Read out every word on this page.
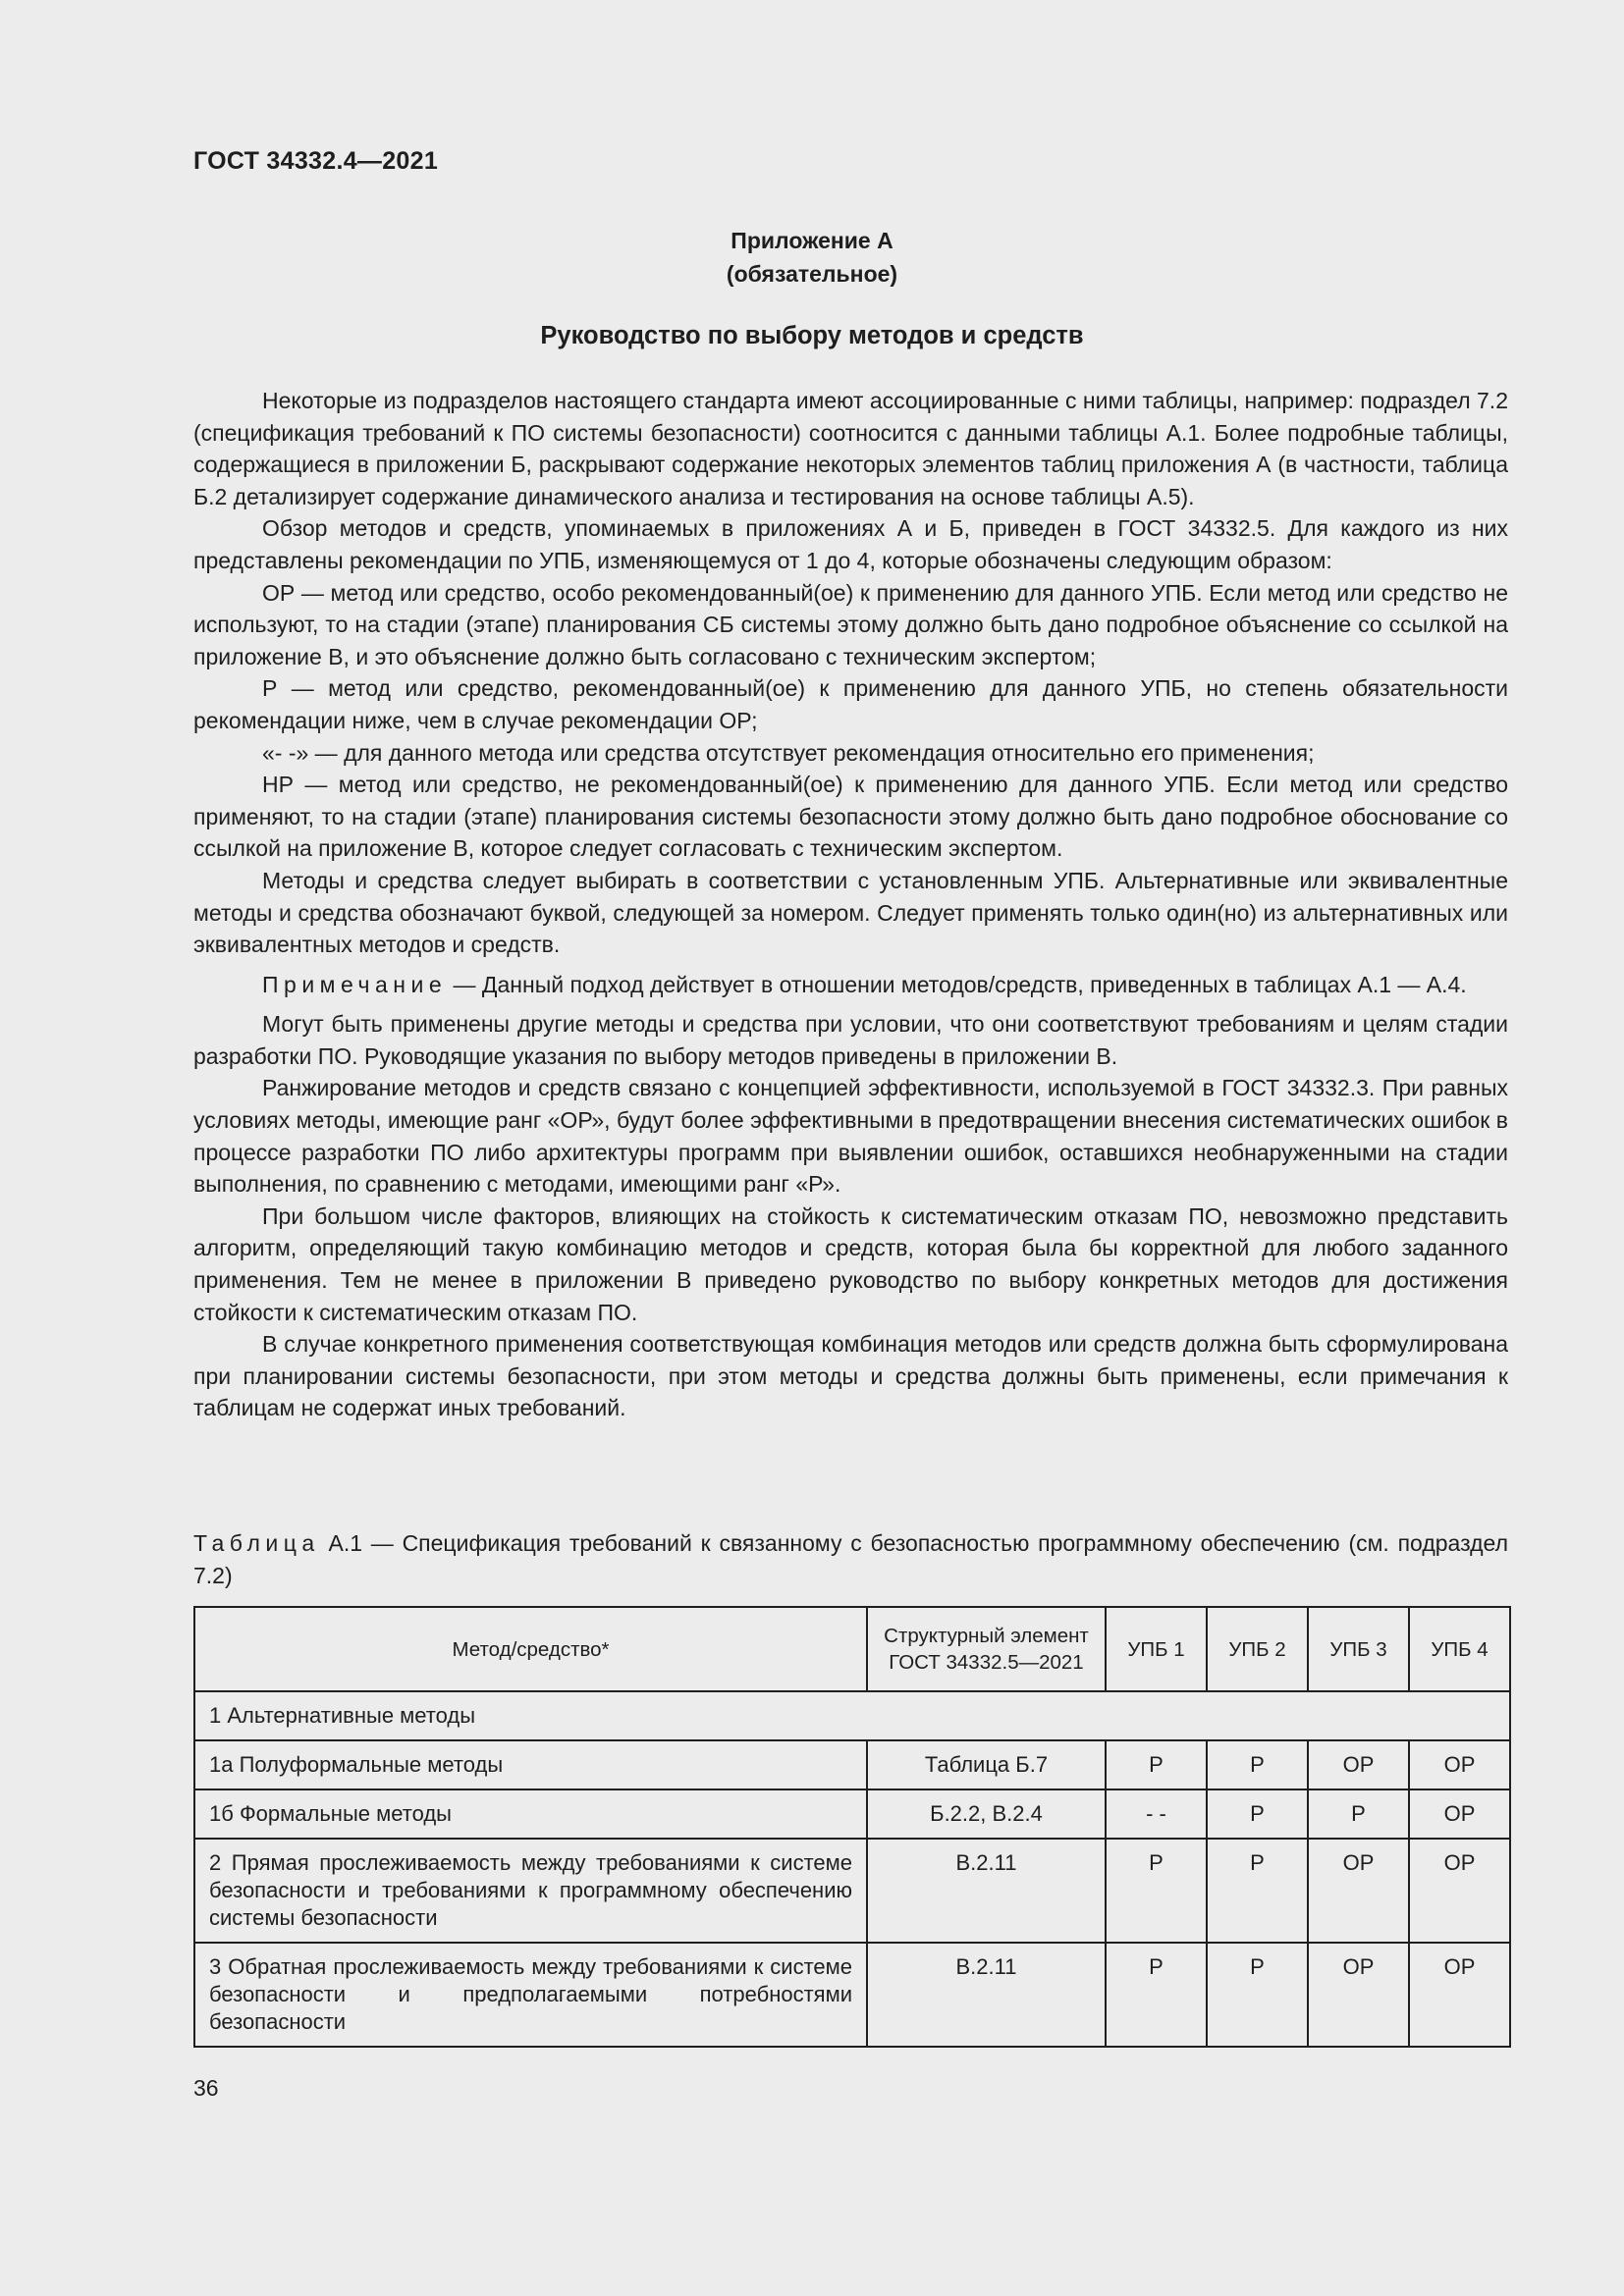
ГОСТ 34332.4—2021
Приложение А
(обязательное)
Руководство по выбору методов и средств

Некоторые из подразделов настоящего стандарта имеют ассоциированные с ними таблицы, например: подраздел 7.2 (спецификация требований к ПО системы безопасности) соотносится с данными таблицы А.1. Более подробные таблицы, содержащиеся в приложении Б, раскрывают содержание некоторых элементов таблиц приложения А (в частности, таблица Б.2 детализирует содержание динамического анализа и тестирования на основе таблицы А.5).

Обзор методов и средств, упоминаемых в приложениях А и Б, приведен в ГОСТ 34332.5. Для каждого из них представлены рекомендации по УПБ, изменяющемуся от 1 до 4, которые обозначены следующим образом:

ОР — метод или средство, особо рекомендованный(ое) к применению для данного УПБ. Если метод или средство не используют, то на стадии (этапе) планирования СБ системы этому должно быть дано подробное объяснение со ссылкой на приложение В, и это объяснение должно быть согласовано с техническим экспертом;

Р — метод или средство, рекомендованный(ое) к применению для данного УПБ, но степень обязательности рекомендации ниже, чем в случае рекомендации ОР;

«- -» — для данного метода или средства отсутствует рекомендация относительно его применения;

НР — метод или средство, не рекомендованный(ое) к применению для данного УПБ. Если метод или средство применяют, то на стадии (этапе) планирования системы безопасности этому должно быть дано подробное обоснование со ссылкой на приложение В, которое следует согласовать с техническим экспертом.

Методы и средства следует выбирать в соответствии с установленным УПБ. Альтернативные или эквивалентные методы и средства обозначают буквой, следующей за номером. Следует применять только один(но) из альтернативных или эквивалентных методов и средств.

Примечание — Данный подход действует в отношении методов/средств, приведенных в таблицах А.1 — А.4.

Могут быть применены другие методы и средства при условии, что они соответствуют требованиям и целям стадии разработки ПО. Руководящие указания по выбору методов приведены в приложении В.

Ранжирование методов и средств связано с концепцией эффективности, используемой в ГОСТ 34332.3. При равных условиях методы, имеющие ранг «ОР», будут более эффективными в предотвращении внесения систематических ошибок в процессе разработки ПО либо архитектуры программ при выявлении ошибок, оставшихся необнаруженными на стадии выполнения, по сравнению с методами, имеющими ранг «Р».

При большом числе факторов, влияющих на стойкость к систематическим отказам ПО, невозможно представить алгоритм, определяющий такую комбинацию методов и средств, которая была бы корректной для любого заданного применения. Тем не менее в приложении В приведено руководство по выбору конкретных методов для достижения стойкости к систематическим отказам ПО.

В случае конкретного применения соответствующая комбинация методов или средств должна быть сформулирована при планировании системы безопасности, при этом методы и средства должны быть применены, если примечания к таблицам не содержат иных требований.

Таблица А.1 — Спецификация требований к связанному с безопасностью программному обеспечению (см. подраздел 7.2)
Метод/средство*	Структурный элемент ГОСТ 34332.5—2021	УПБ 1	УПБ 2	УПБ 3	УПБ 4
1 Альтернативные методы					
1а Полуформальные методы	Таблица Б.7	Р	Р	ОР	ОР
1б Формальные методы	Б.2.2, В.2.4	- -	Р	Р	ОР
2 Прямая прослеживаемость между требованиями к системе безопасности и требованиями к программному обеспечению системы безопасности	В.2.11	Р	Р	ОР	ОР
3 Обратная прослеживаемость между требованиями к системе безопасности и предполагаемыми потребностями безопасности	В.2.11	Р	Р	ОР	ОР
36
